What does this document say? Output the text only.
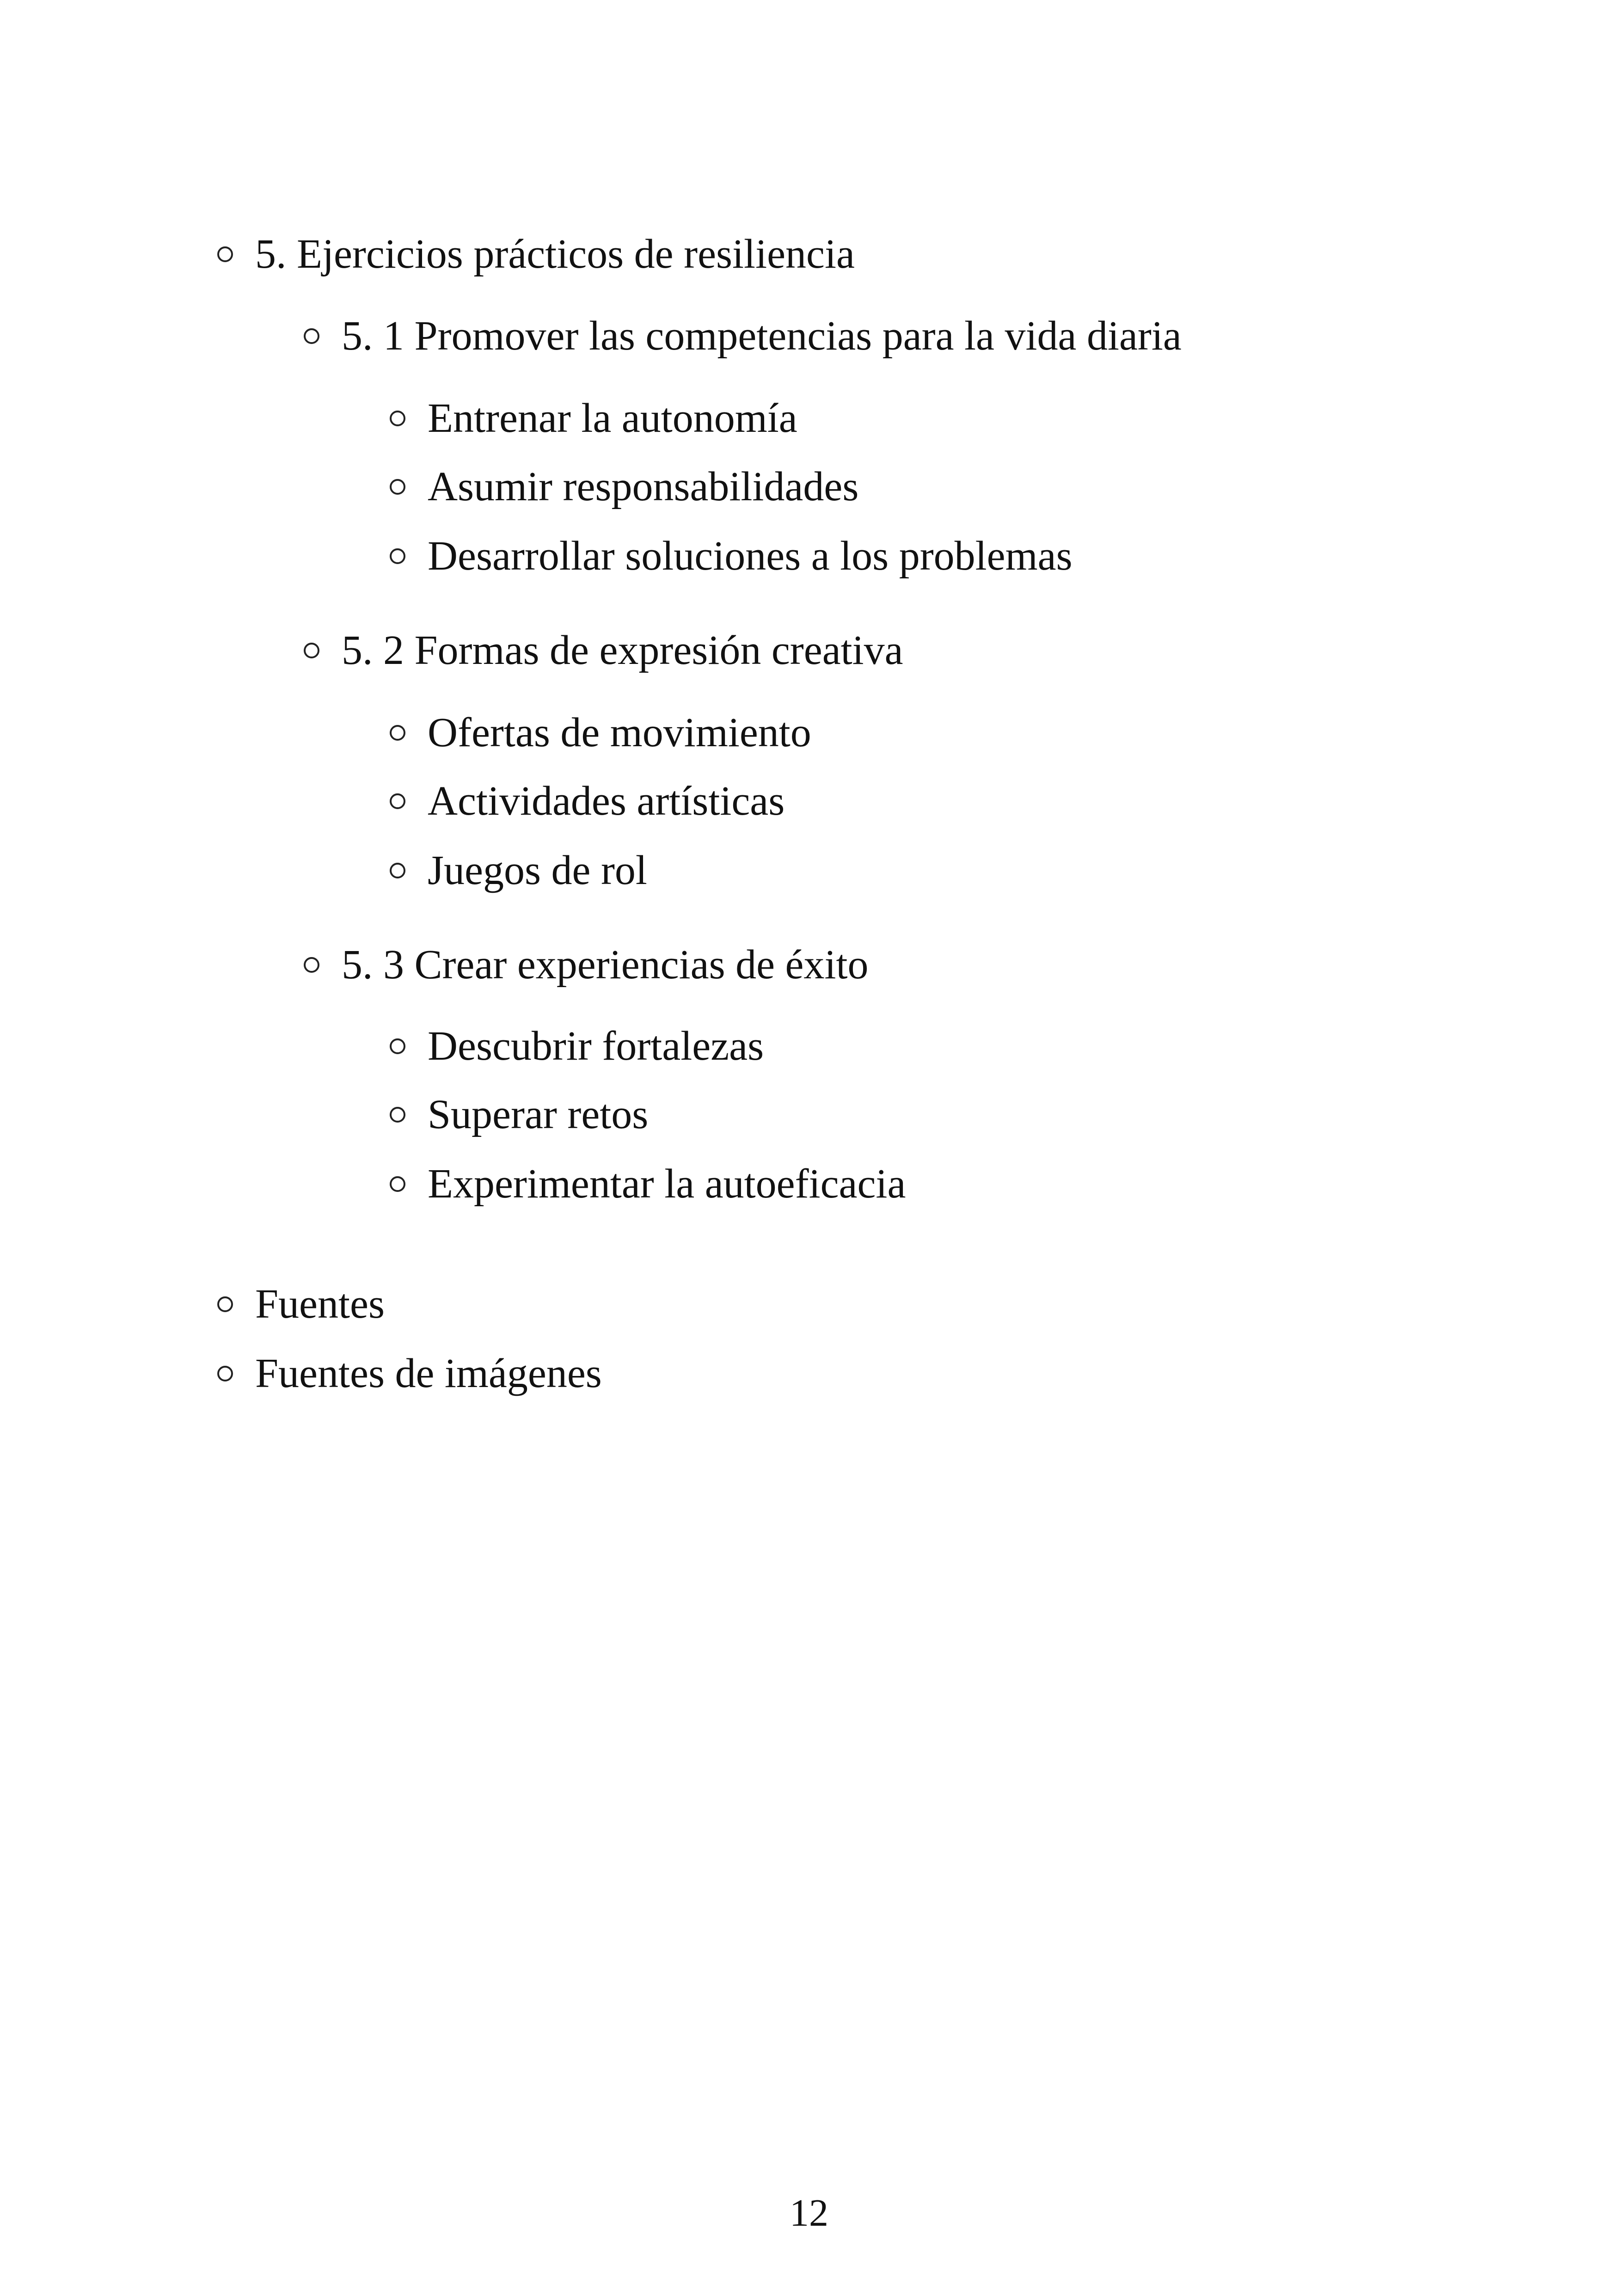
5. Ejercicios prácticos de resiliencia
5. 1 Promover las competencias para la vida diaria
Entrenar la autonomía
Asumir responsabilidades
Desarrollar soluciones a los problemas
5. 2 Formas de expresión creativa
Ofertas de movimiento
Actividades artísticas
Juegos de rol
5. 3 Crear experiencias de éxito
Descubrir fortalezas
Superar retos
Experimentar la autoeficacia
Fuentes
Fuentes de imágenes
12
